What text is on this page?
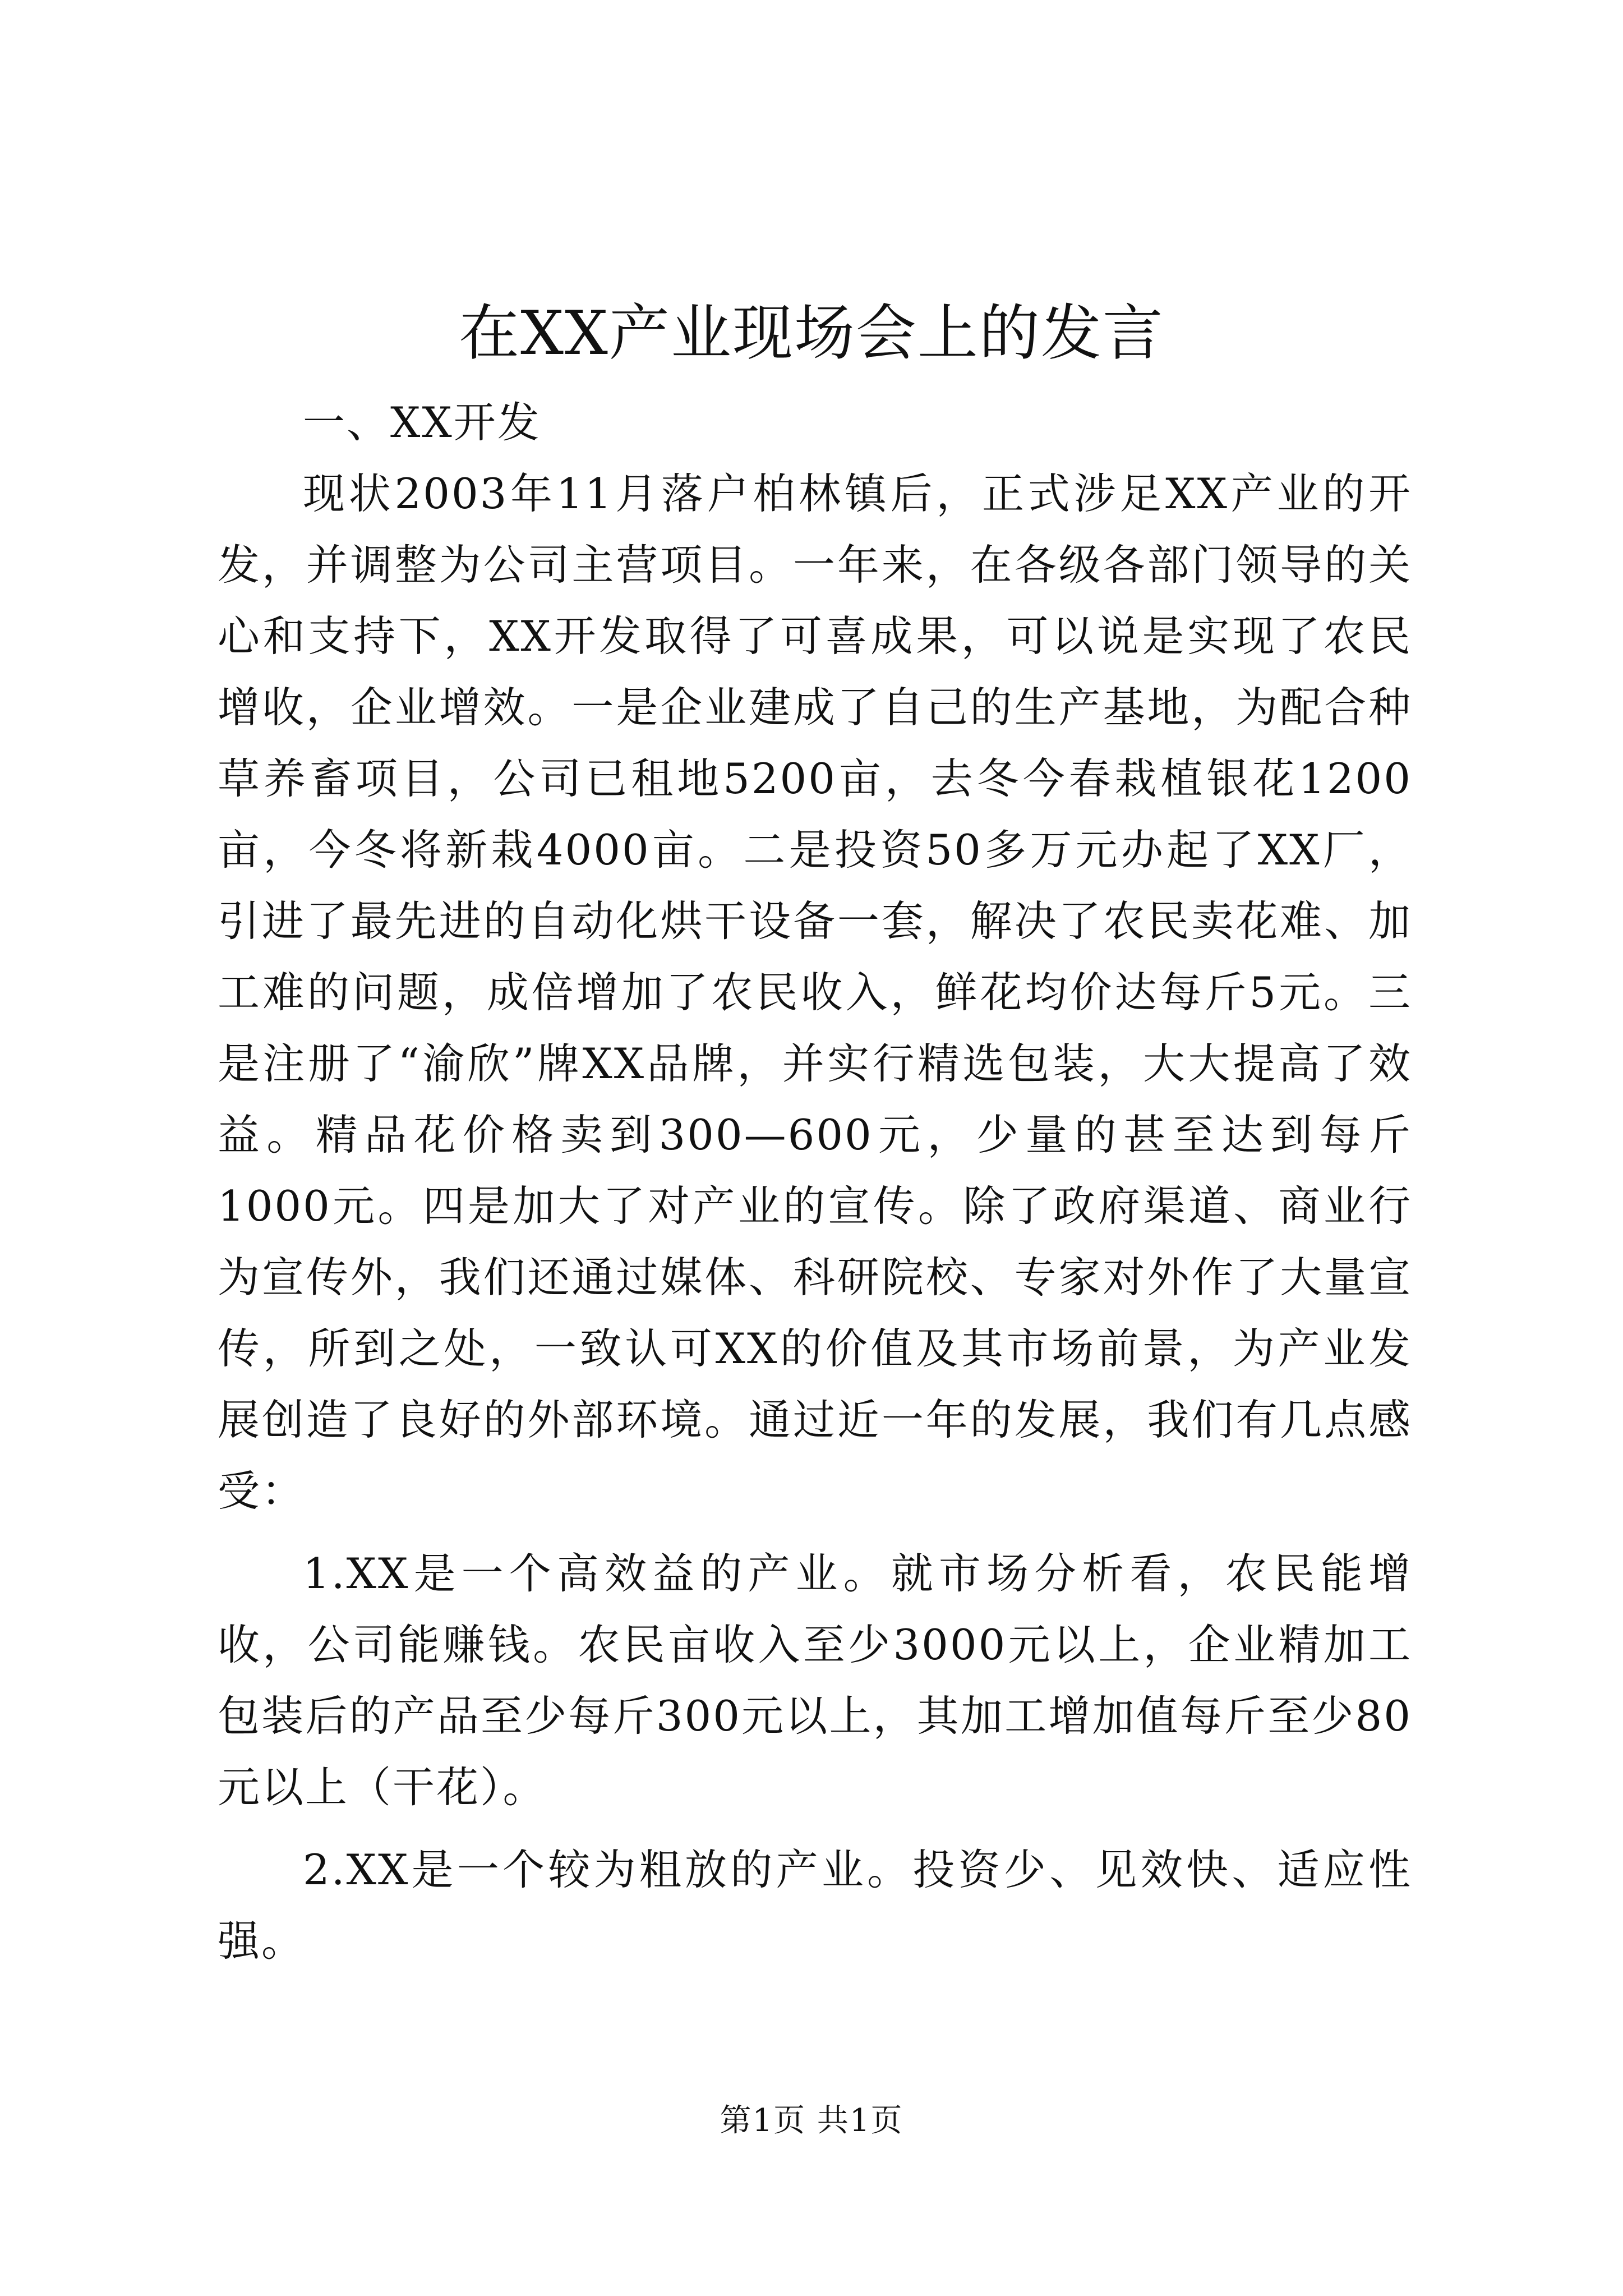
在XX产业现场会上的发言

一、XX开发

现状2003年11月落户柏林镇后，正式涉足XX产业的开发，并调整为公司主营项目。一年来，在各级各部门领导的关心和支持下，XX开发取得了可喜成果，可以说是实现了农民增收，企业增效。一是企业建成了自己的生产基地，为配合种草养畜项目，公司已租地5200亩，去冬今春栽植银花1200亩，今冬将新栽4000亩。二是投资50多万元办起了XX厂，引进了最先进的自动化烘干设备一套，解决了农民卖花难、加工难的问题，成倍增加了农民收入，鲜花均价达每斤5元。三是注册了“渝欣”牌XX品牌，并实行精选包装，大大提高了效益。精品花价格卖到300—600元，少量的甚至达到每斤1000元。四是加大了对产业的宣传。除了政府渠道、商业行为宣传外，我们还通过媒体、科研院校、专家对外作了大量宣传，所到之处，一致认可XX的价值及其市场前景，为产业发展创造了良好的外部环境。通过近一年的发展，我们有几点感受：

1.XX是一个高效益的产业。就市场分析看，农民能增收，公司能赚钱。农民亩收入至少3000元以上，企业精加工包装后的产品至少每斤300元以上，其加工增加值每斤至少80元以上（干花）。

2.XX是一个较为粗放的产业。投资少、见效快、适应性强。

第1页 共1页
